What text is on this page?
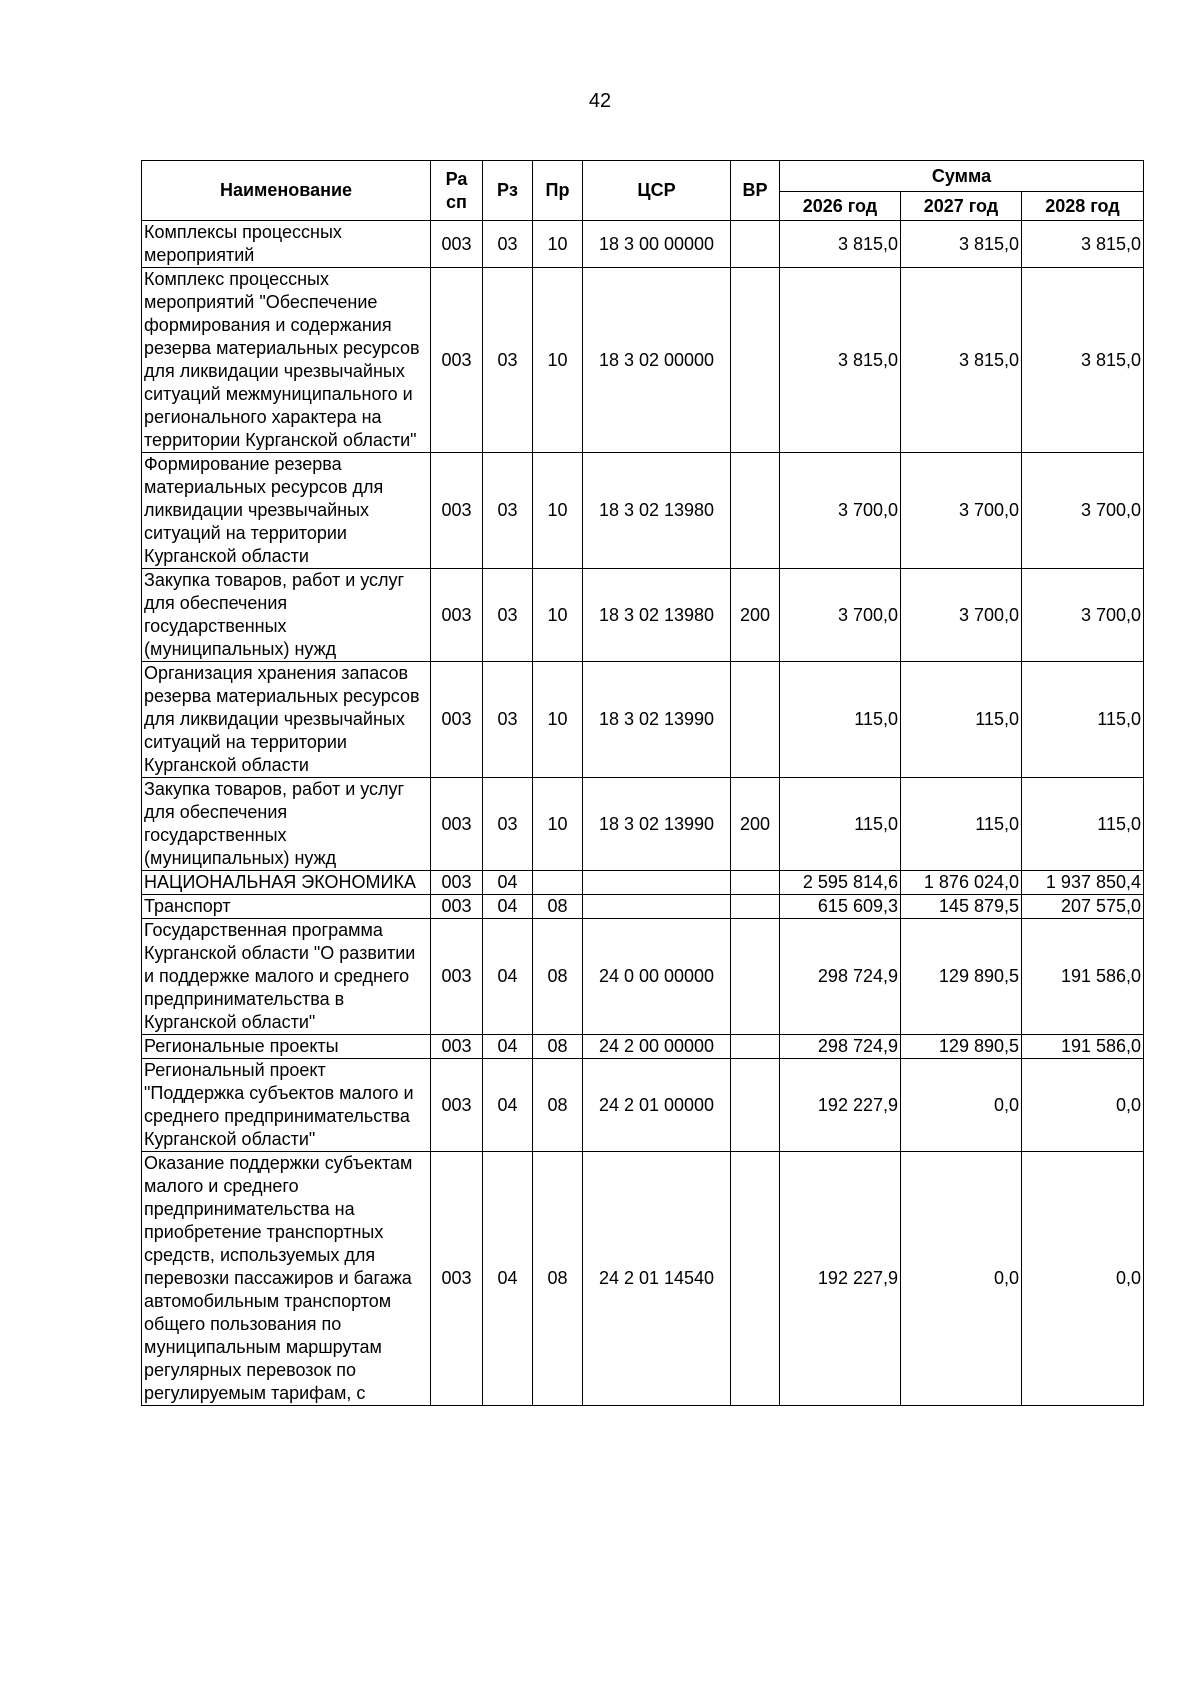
42
Наименование	Ра сп	Рз	Пр	ЦСР	ВР	Сумма		
						2026 год	2027 год	2028 год
Комплексы процессных мероприятий	003	03	10	18 3 00 00000		3 815,0	3 815,0	3 815,0
Комплекс процессных мероприятий "Обеспечение формирования и содержания резерва материальных ресурсов для ликвидации чрезвычайных ситуаций межмуниципального и регионального характера на территории Курганской области"	003	03	10	18 3 02 00000		3 815,0	3 815,0	3 815,0
Формирование резерва материальных ресурсов для ликвидации чрезвычайных ситуаций на территории Курганской области	003	03	10	18 3 02 13980		3 700,0	3 700,0	3 700,0
Закупка товаров, работ и услуг для обеспечения государственных (муниципальных) нужд	003	03	10	18 3 02 13980	200	3 700,0	3 700,0	3 700,0
Организация хранения запасов резерва материальных ресурсов для ликвидации чрезвычайных ситуаций на территории Курганской области	003	03	10	18 3 02 13990		115,0	115,0	115,0
Закупка товаров, работ и услуг для обеспечения государственных (муниципальных) нужд	003	03	10	18 3 02 13990	200	115,0	115,0	115,0
НАЦИОНАЛЬНАЯ ЭКОНОМИКА	003	04				2 595 814,6	1 876 024,0	1 937 850,4
Транспорт	003	04	08			615 609,3	145 879,5	207 575,0
Государственная программа Курганской области "О развитии и поддержке малого и среднего предпринимательства в Курганской области"	003	04	08	24 0 00 00000		298 724,9	129 890,5	191 586,0
Региональные проекты	003	04	08	24 2 00 00000		298 724,9	129 890,5	191 586,0
Региональный проект "Поддержка субъектов малого и среднего предпринимательства Курганской области"	003	04	08	24 2 01 00000		192 227,9	0,0	0,0
Оказание поддержки субъектам малого и среднего предпринимательства на приобретение транспортных средств, используемых для перевозки пассажиров и багажа автомобильным транспортом общего пользования по муниципальным маршрутам регулярных перевозок по регулируемым тарифам, с	003	04	08	24 2 01 14540		192 227,9	0,0	0,0
